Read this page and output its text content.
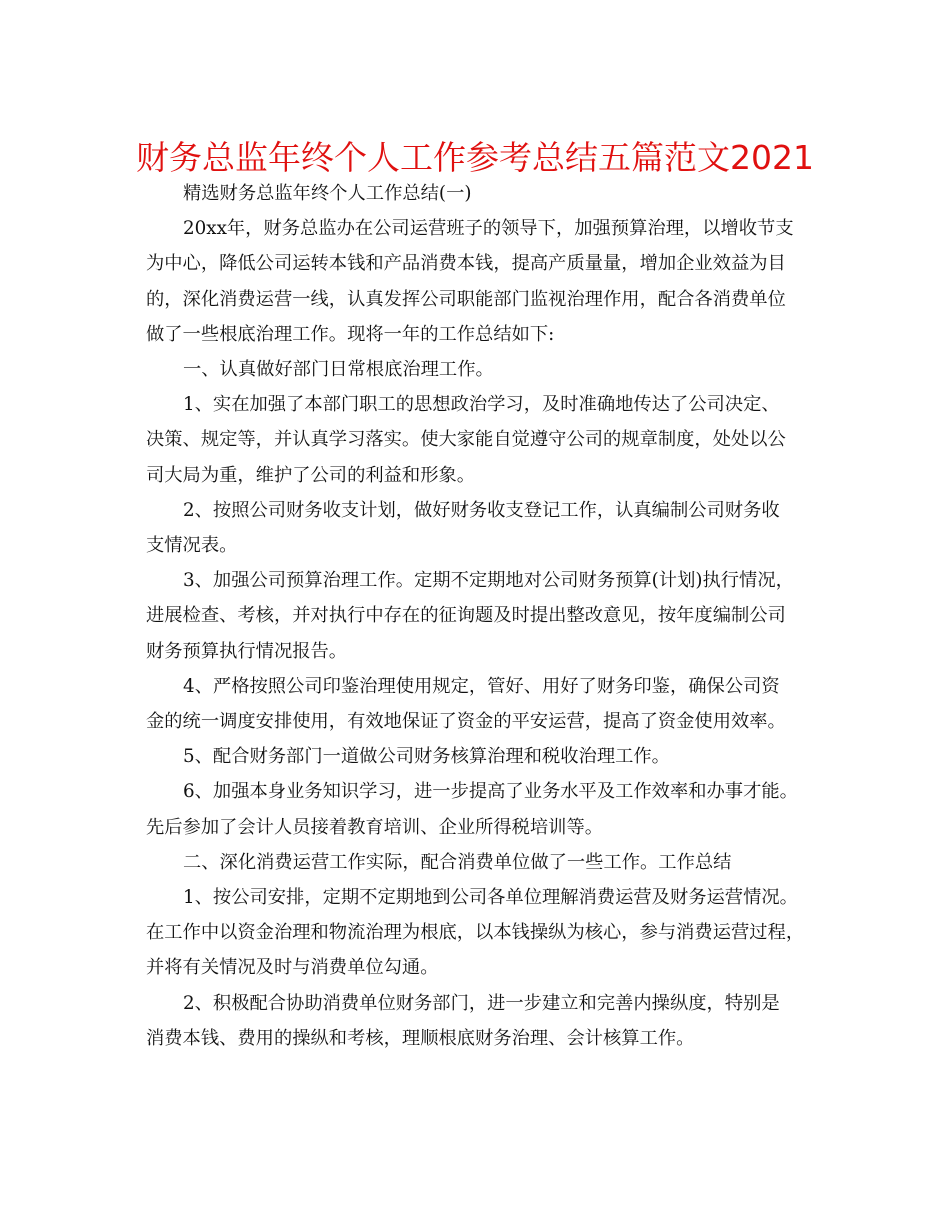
财务总监年终个人工作参考总结五篇范文2021

精选财务总监年终个人工作总结(一)

20xx年，财务总监办在公司运营班子的领导下，加强预算治理，以增收节支
为中心，降低公司运转本钱和产品消费本钱，提高产质量量，增加企业效益为目
的，深化消费运营一线，认真发挥公司职能部门监视治理作用，配合各消费单位
做了一些根底治理工作。现将一年的工作总结如下:

一、认真做好部门日常根底治理工作。

1、实在加强了本部门职工的思想政治学习，及时准确地传达了公司决定、
决策、规定等，并认真学习落实。使大家能自觉遵守公司的规章制度，处处以公
司大局为重，维护了公司的利益和形象。

2、按照公司财务收支计划，做好财务收支登记工作，认真编制公司财务收
支情况表。

3、加强公司预算治理工作。定期不定期地对公司财务预算(计划)执行情况，
进展检查、考核，并对执行中存在的征询题及时提出整改意见，按年度编制公司
财务预算执行情况报告。

4、严格按照公司印鉴治理使用规定，管好、用好了财务印鉴，确保公司资
金的统一调度安排使用，有效地保证了资金的平安运营，提高了资金使用效率。

5、配合财务部门一道做公司财务核算治理和税收治理工作。

6、加强本身业务知识学习，进一步提高了业务水平及工作效率和办事才能。
先后参加了会计人员接着教育培训、企业所得税培训等。

二、深化消费运营工作实际，配合消费单位做了一些工作。工作总结

1、按公司安排，定期不定期地到公司各单位理解消费运营及财务运营情况。
在工作中以资金治理和物流治理为根底，以本钱操纵为核心，参与消费运营过程，
并将有关情况及时与消费单位勾通。

2、积极配合协助消费单位财务部门，进一步建立和完善内操纵度，特别是
消费本钱、费用的操纵和考核，理顺根底财务治理、会计核算工作。
